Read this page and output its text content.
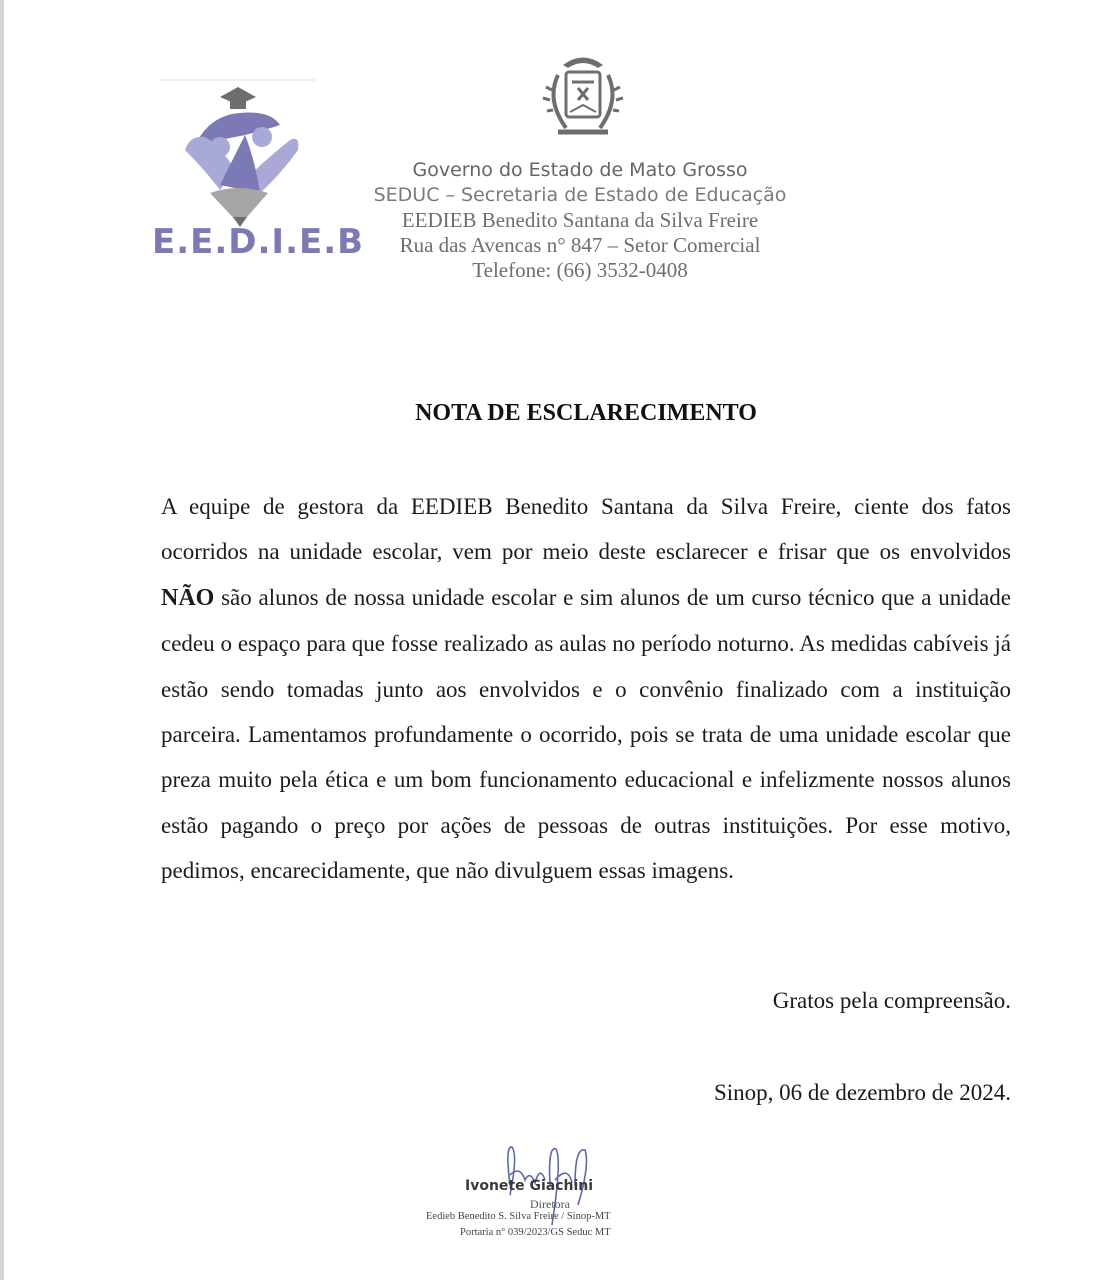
E.E.D.I.E.B
Governo do Estado de Mato Grosso
SEDUC – Secretaria de Estado de Educação
EEDIEB Benedito Santana da Silva Freire
Rua das Avencas n° 847 – Setor Comercial
Telefone: (66) 3532-0408
NOTA DE ESCLARECIMENTO
A equipe de gestora da EEDIEB Benedito Santana da Silva Freire, ciente dos fatos ocorridos na unidade escolar, vem por meio deste esclarecer e frisar que os envolvidos NÃO são alunos de nossa unidade escolar e sim alunos de um curso técnico que a unidade cedeu o espaço para que fosse realizado as aulas no período noturno. As medidas cabíveis já estão sendo tomadas junto aos envolvidos e o convênio finalizado com a instituição parceira. Lamentamos profundamente o ocorrido, pois se trata de uma unidade escolar que preza muito pela ética e um bom funcionamento educacional e infelizmente nossos alunos estão pagando o preço por ações de pessoas de outras instituições. Por esse motivo, pedimos, encarecidamente, que não divulguem essas imagens.
Gratos pela compreensão.
Sinop, 06 de dezembro de 2024.
Ivonete Giachini
Diretora
Eedieb Benedito S. Silva Freire / Sinop-MT
Portaria n° 039/2023/GS Seduc MT
